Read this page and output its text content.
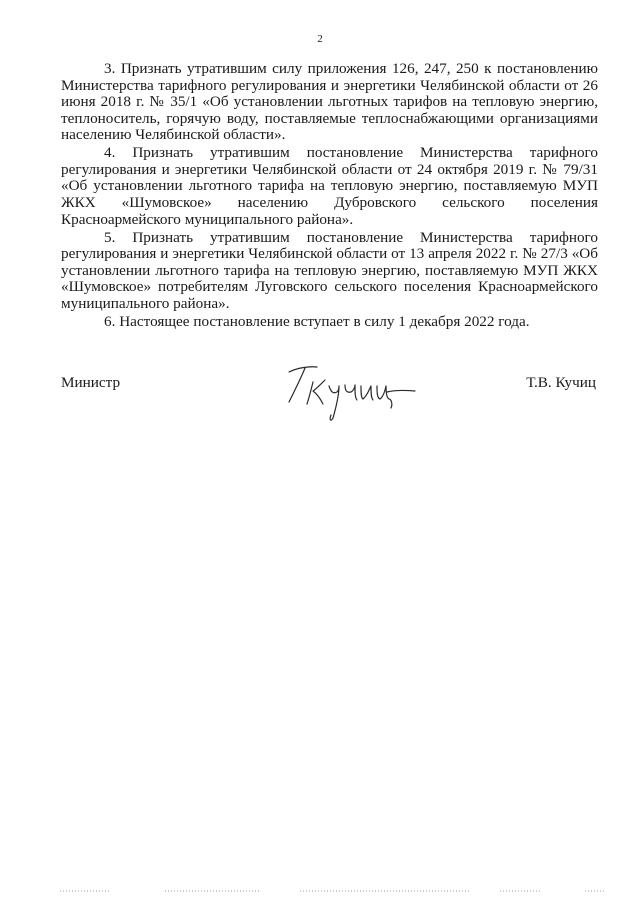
2

3. Признать утратившим силу приложения 126, 247, 250 к постановлению Министерства тарифного регулирования и энергетики Челябинской области от 26 июня 2018 г. № 35/1 «Об установлении льготных тарифов на тепловую энергию, теплоноситель, горячую воду, поставляемые теплоснабжающими организациями населению Челябинской области».

4. Признать утратившим постановление Министерства тарифного регулирования и энергетики Челябинской области от 24 октября 2019 г. № 79/31 «Об установлении льготного тарифа на тепловую энергию, поставляемую МУП ЖКХ «Шумовское» населению Дубровского сельского поселения Красноармейского муниципального района».

5. Признать утратившим постановление Министерства тарифного регулирования и энергетики Челябинской области от 13 апреля 2022 г. № 27/3 «Об установлении льготного тарифа на тепловую энергию, поставляемую МУП ЖКХ «Шумовское» потребителям Луговского сельского поселения Красноармейского муниципального района».

6. Настоящее постановление вступает в силу 1 декабря 2022 года.

Министр	Т.В. Кучиц
